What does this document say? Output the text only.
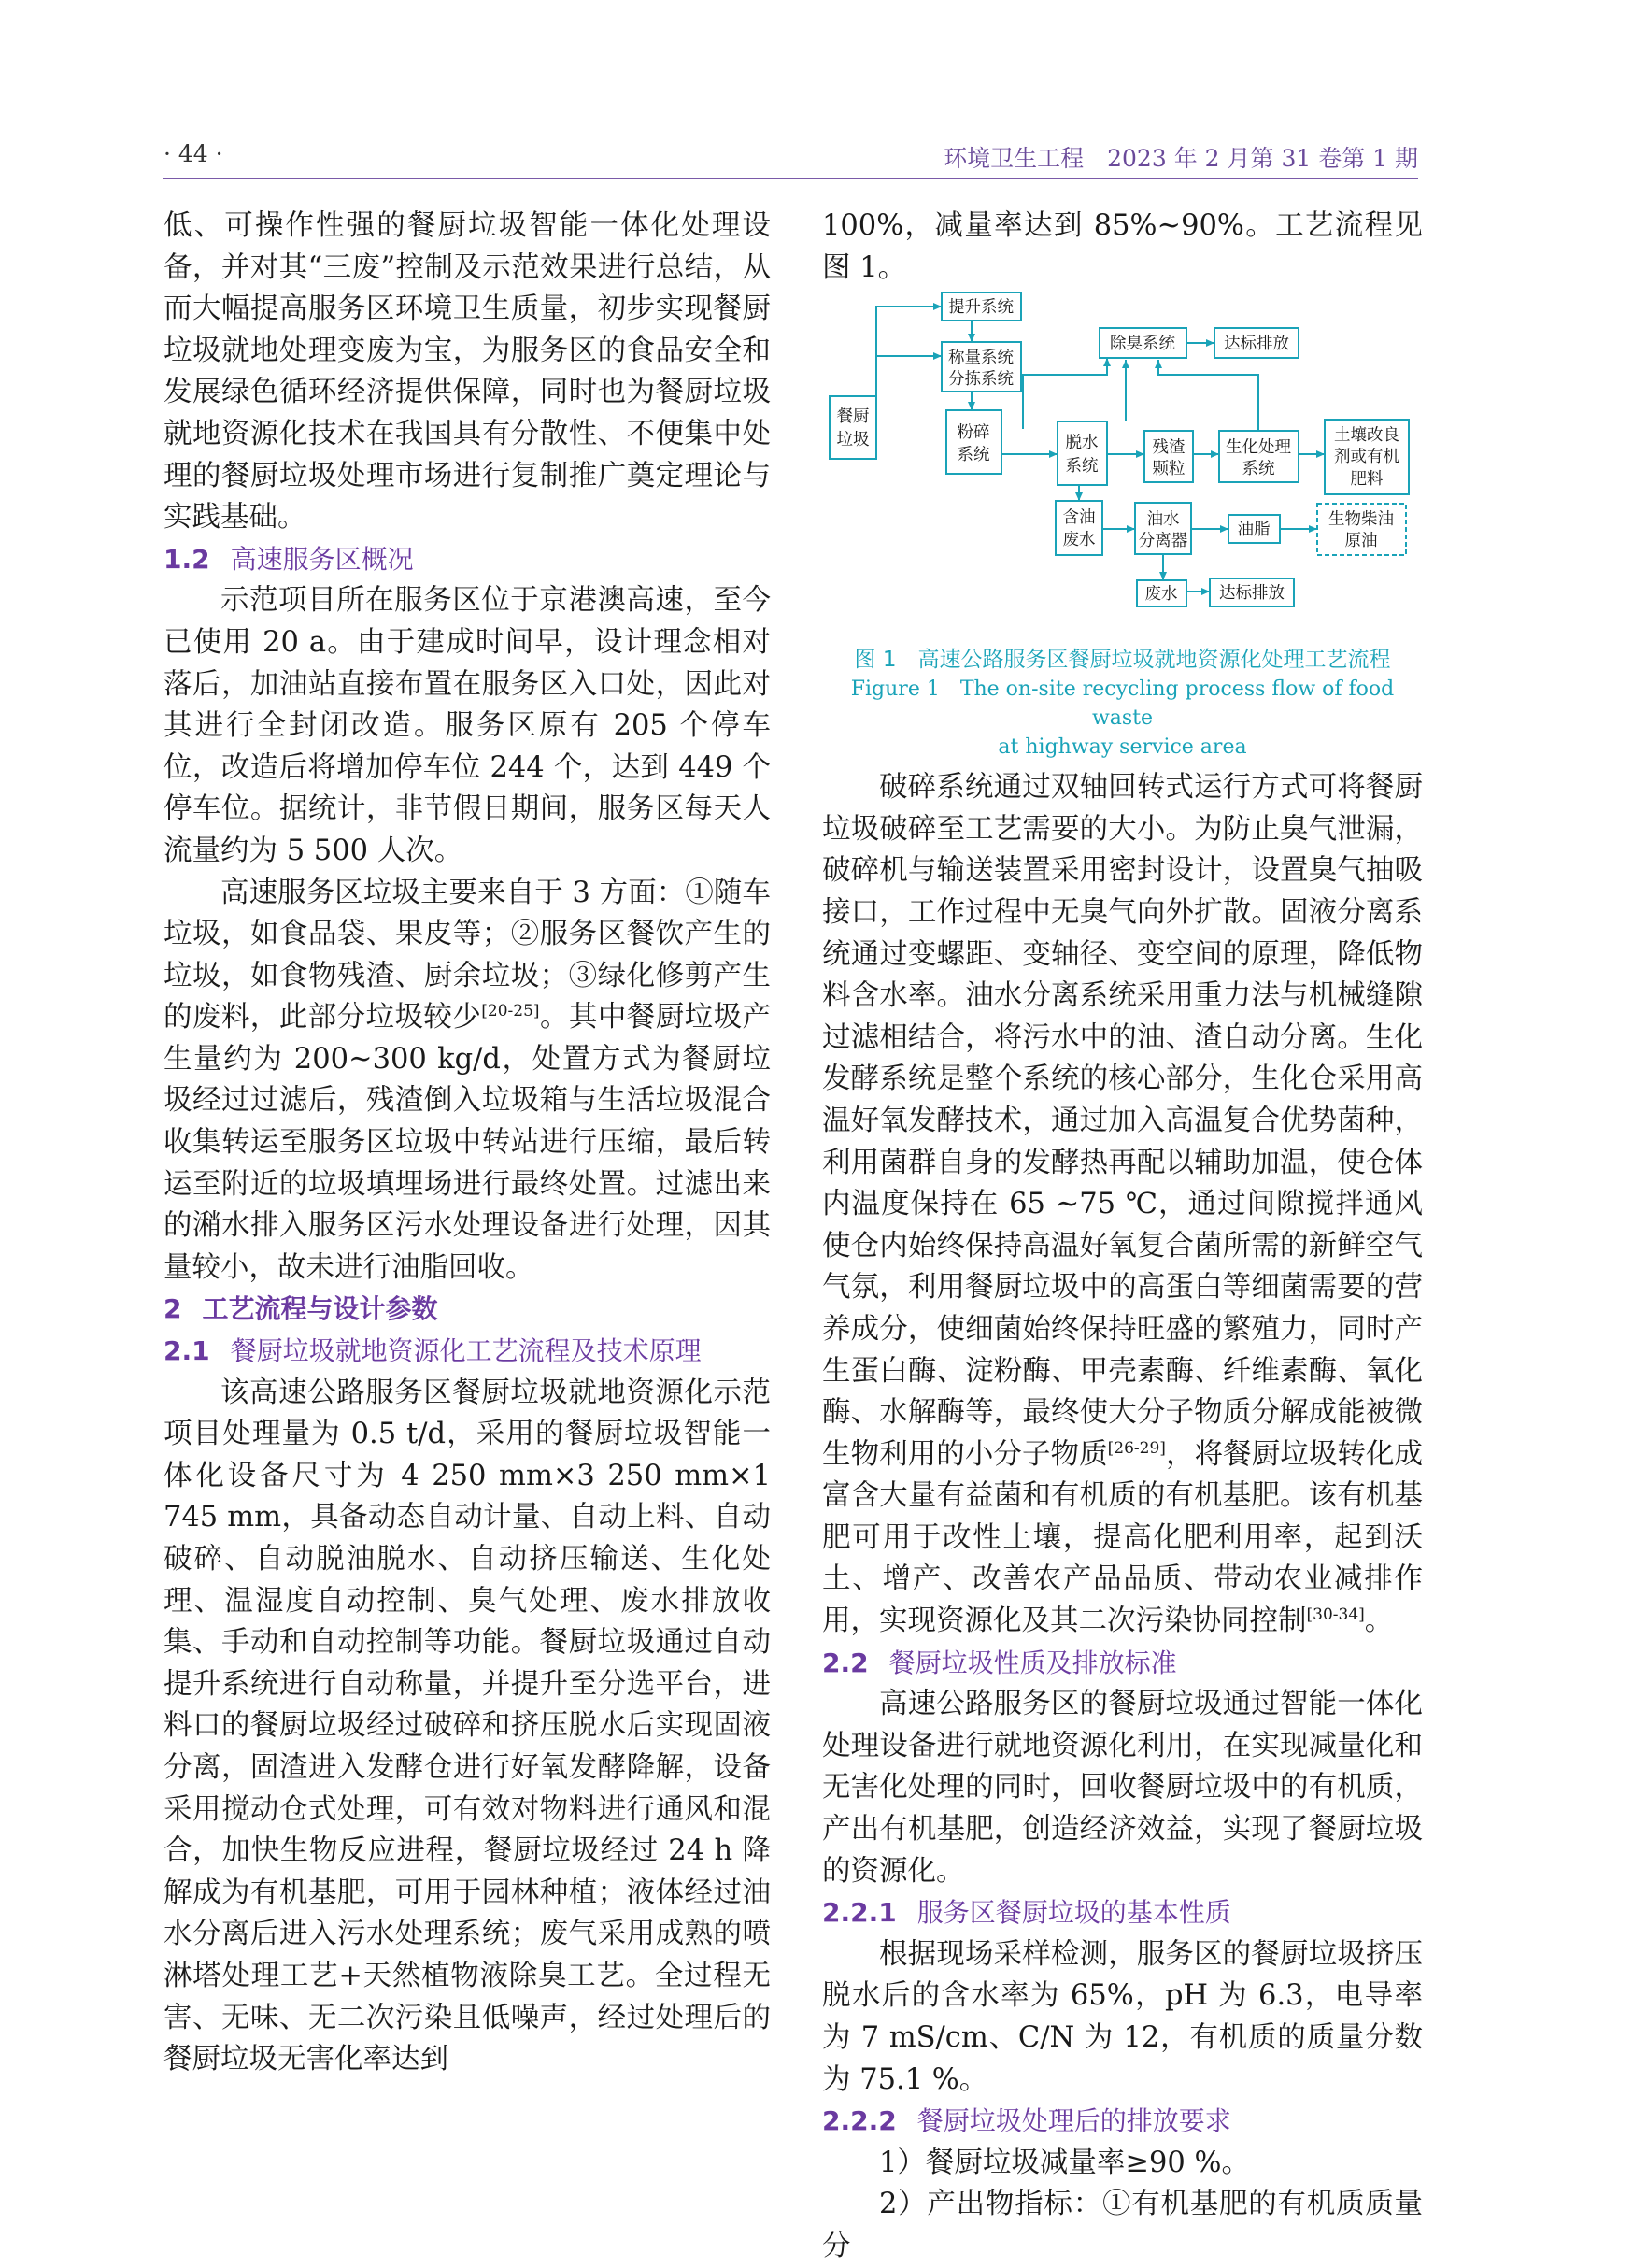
· 44 ·	环境卫生工程　2023 年 2 月第 31 卷第 1 期

低、可操作性强的餐厨垃圾智能一体化处理设备，并对其“三废”控制及示范效果进行总结，从而大幅提高服务区环境卫生质量，初步实现餐厨垃圾就地处理变废为宝，为服务区的食品安全和发展绿色循环经济提供保障，同时也为餐厨垃圾就地资源化技术在我国具有分散性、不便集中处理的餐厨垃圾处理市场进行复制推广奠定理论与实践基础。

1.2 高速服务区概况

示范项目所在服务区位于京港澳高速，至今已使用 20 a。由于建成时间早，设计理念相对落后，加油站直接布置在服务区入口处，因此对其进行全封闭改造。服务区原有 205 个停车位，改造后将增加停车位 244 个，达到 449 个停车位。据统计，非节假日期间，服务区每天人流量约为 5 500 人次。

高速服务区垃圾主要来自于 3 方面：①随车垃圾，如食品袋、果皮等；②服务区餐饮产生的垃圾，如食物残渣、厨余垃圾；③绿化修剪产生的废料，此部分垃圾较少[20-25]。其中餐厨垃圾产生量约为 200~300 kg/d，处置方式为餐厨垃圾经过过滤后，残渣倒入垃圾箱与生活垃圾混合收集转运至服务区垃圾中转站进行压缩，最后转运至附近的垃圾填埋场进行最终处置。过滤出来的潲水排入服务区污水处理设备进行处理，因其量较小，故未进行油脂回收。

2 工艺流程与设计参数

2.1 餐厨垃圾就地资源化工艺流程及技术原理

该高速公路服务区餐厨垃圾就地资源化示范项目处理量为 0.5 t/d，采用的餐厨垃圾智能一体化设备尺寸为 4 250 mm×3 250 mm×1 745 mm，具备动态自动计量、自动上料、自动破碎、自动脱油脱水、自动挤压输送、生化处理、温湿度自动控制、臭气处理、废水排放收集、手动和自动控制等功能。餐厨垃圾通过自动提升系统进行自动称量，并提升至分选平台，进料口的餐厨垃圾经过破碎和挤压脱水后实现固液分离，固渣进入发酵仓进行好氧发酵降解，设备采用搅动仓式处理，可有效对物料进行通风和混合，加快生物反应进程，餐厨垃圾经过 24 h 降解成为有机基肥，可用于园林种植；液体经过油水分离后进入污水处理系统；废气采用成熟的喷淋塔处理工艺+天然植物液除臭工艺。全过程无害、无味、无二次污染且低噪声，经过处理后的餐厨垃圾无害化率达到

100%，减量率达到 85%~90%。工艺流程见图 1。

餐厨
垃圾
提升系统
称量系统
分拣系统
粉碎
系统
脱水
系统
除臭系统	达标排放
残渣
颗粒
生化处理
系统
土壤改良
剂或有机
肥料
含油
废水
油水
分离器
油脂
生物柴油
原油
废水	达标排放

图 1　高速公路服务区餐厨垃圾就地资源化处理工艺流程

Figure 1　The on-site recycling process flow of food waste
at highway service area

破碎系统通过双轴回转式运行方式可将餐厨垃圾破碎至工艺需要的大小。为防止臭气泄漏，破碎机与输送装置采用密封设计，设置臭气抽吸接口，工作过程中无臭气向外扩散。固液分离系统通过变螺距、变轴径、变空间的原理，降低物料含水率。油水分离系统采用重力法与机械缝隙过滤相结合，将污水中的油、渣自动分离。生化发酵系统是整个系统的核心部分，生化仓采用高温好氧发酵技术，通过加入高温复合优势菌种，利用菌群自身的发酵热再配以辅助加温，使仓体内温度保持在 65 ~75 ℃，通过间隙搅拌通风使仓内始终保持高温好氧复合菌所需的新鲜空气气氛，利用餐厨垃圾中的高蛋白等细菌需要的营养成分，使细菌始终保持旺盛的繁殖力，同时产生蛋白酶、淀粉酶、甲壳素酶、纤维素酶、氧化酶、水解酶等，最终使大分子物质分解成能被微生物利用的小分子物质[26-29]，将餐厨垃圾转化成富含大量有益菌和有机质的有机基肥。该有机基肥可用于改性土壤，提高化肥利用率，起到沃土、增产、改善农产品品质、带动农业减排作用，实现资源化及其二次污染协同控制[30-34]。

2.2 餐厨垃圾性质及排放标准

高速公路服务区的餐厨垃圾通过智能一体化处理设备进行就地资源化利用，在实现减量化和无害化处理的同时，回收餐厨垃圾中的有机质，产出有机基肥，创造经济效益，实现了餐厨垃圾的资源化。

2.2.1 服务区餐厨垃圾的基本性质

根据现场采样检测，服务区的餐厨垃圾挤压脱水后的含水率为 65%，pH 为 6.3，电导率为 7 mS/cm、C/N 为 12，有机质的质量分数为 75.1 %。

2.2.2 餐厨垃圾处理后的排放要求

1）餐厨垃圾减量率≥90 %。

2）产出物指标：①有机基肥的有机质质量分
